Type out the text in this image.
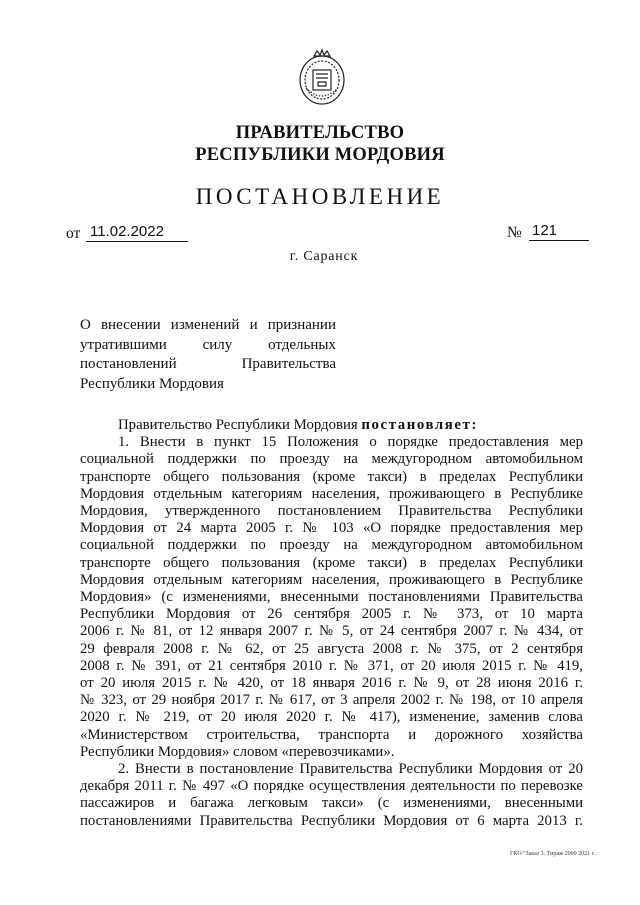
ПРАВИТЕЛЬСТВО
РЕСПУБЛИКИ МОРДОВИЯ
ПОСТАНОВЛЕНИЕ
от 11.02.2022	№ 121
г. Саранск
О внесении изменений и признании
утратившими силу отдельных
постановлений Правительства
Республики Мордовия

Правительство Республики Мордовия постановляет:

1. Внести в пункт 15 Положения о порядке предоставления мер
социальной поддержки по проезду на междугородном автомобильном
транспорте общего пользования (кроме такси) в пределах Республики
Мордовия отдельным категориям населения, проживающего в Республике
Мордовия, утвержденного постановлением Правительства Республики
Мордовия от 24 марта 2005 г. № 103 «О порядке предоставления мер
социальной поддержки по проезду на междугородном автомобильном
транспорте общего пользования (кроме такси) в пределах Республики
Мордовия отдельным категориям населения, проживающего в Республике
Мордовия» (с изменениями, внесенными постановлениями Правительства
Республики Мордовия от 26 сентября 2005 г. № 373, от 10 марта
2006 г. № 81, от 12 января 2007 г. № 5, от 24 сентября 2007 г. № 434, от
29 февраля 2008 г. № 62, от 25 августа 2008 г. № 375, от 2 сентября
2008 г. № 391, от 21 сентября 2010 г. № 371, от 20 июля 2015 г. № 419,
от 20 июля 2015 г. № 420, от 18 января 2016 г. № 9, от 28 июня 2016 г.
№ 323, от 29 ноября 2017 г. № 617, от 3 апреля 2002 г. № 198, от 10 апреля
2020 г. № 219, от 20 июля 2020 г. № 417), изменение, заменив слова
«Министерством строительства, транспорта и дорожного хозяйства
Республики Мордовия» словом «перевозчиками».

2. Внести в постановление Правительства Республики Мордовия от 20
декабря 2011 г. № 497 «О порядке осуществления деятельности по перевозке
пассажиров и багажа легковым такси» (с изменениями, внесенными
постановлениями Правительства Республики Мордовия от 6 марта 2013 г.

ГКО "Заказ 3. Тираж 2000 2021 г.
